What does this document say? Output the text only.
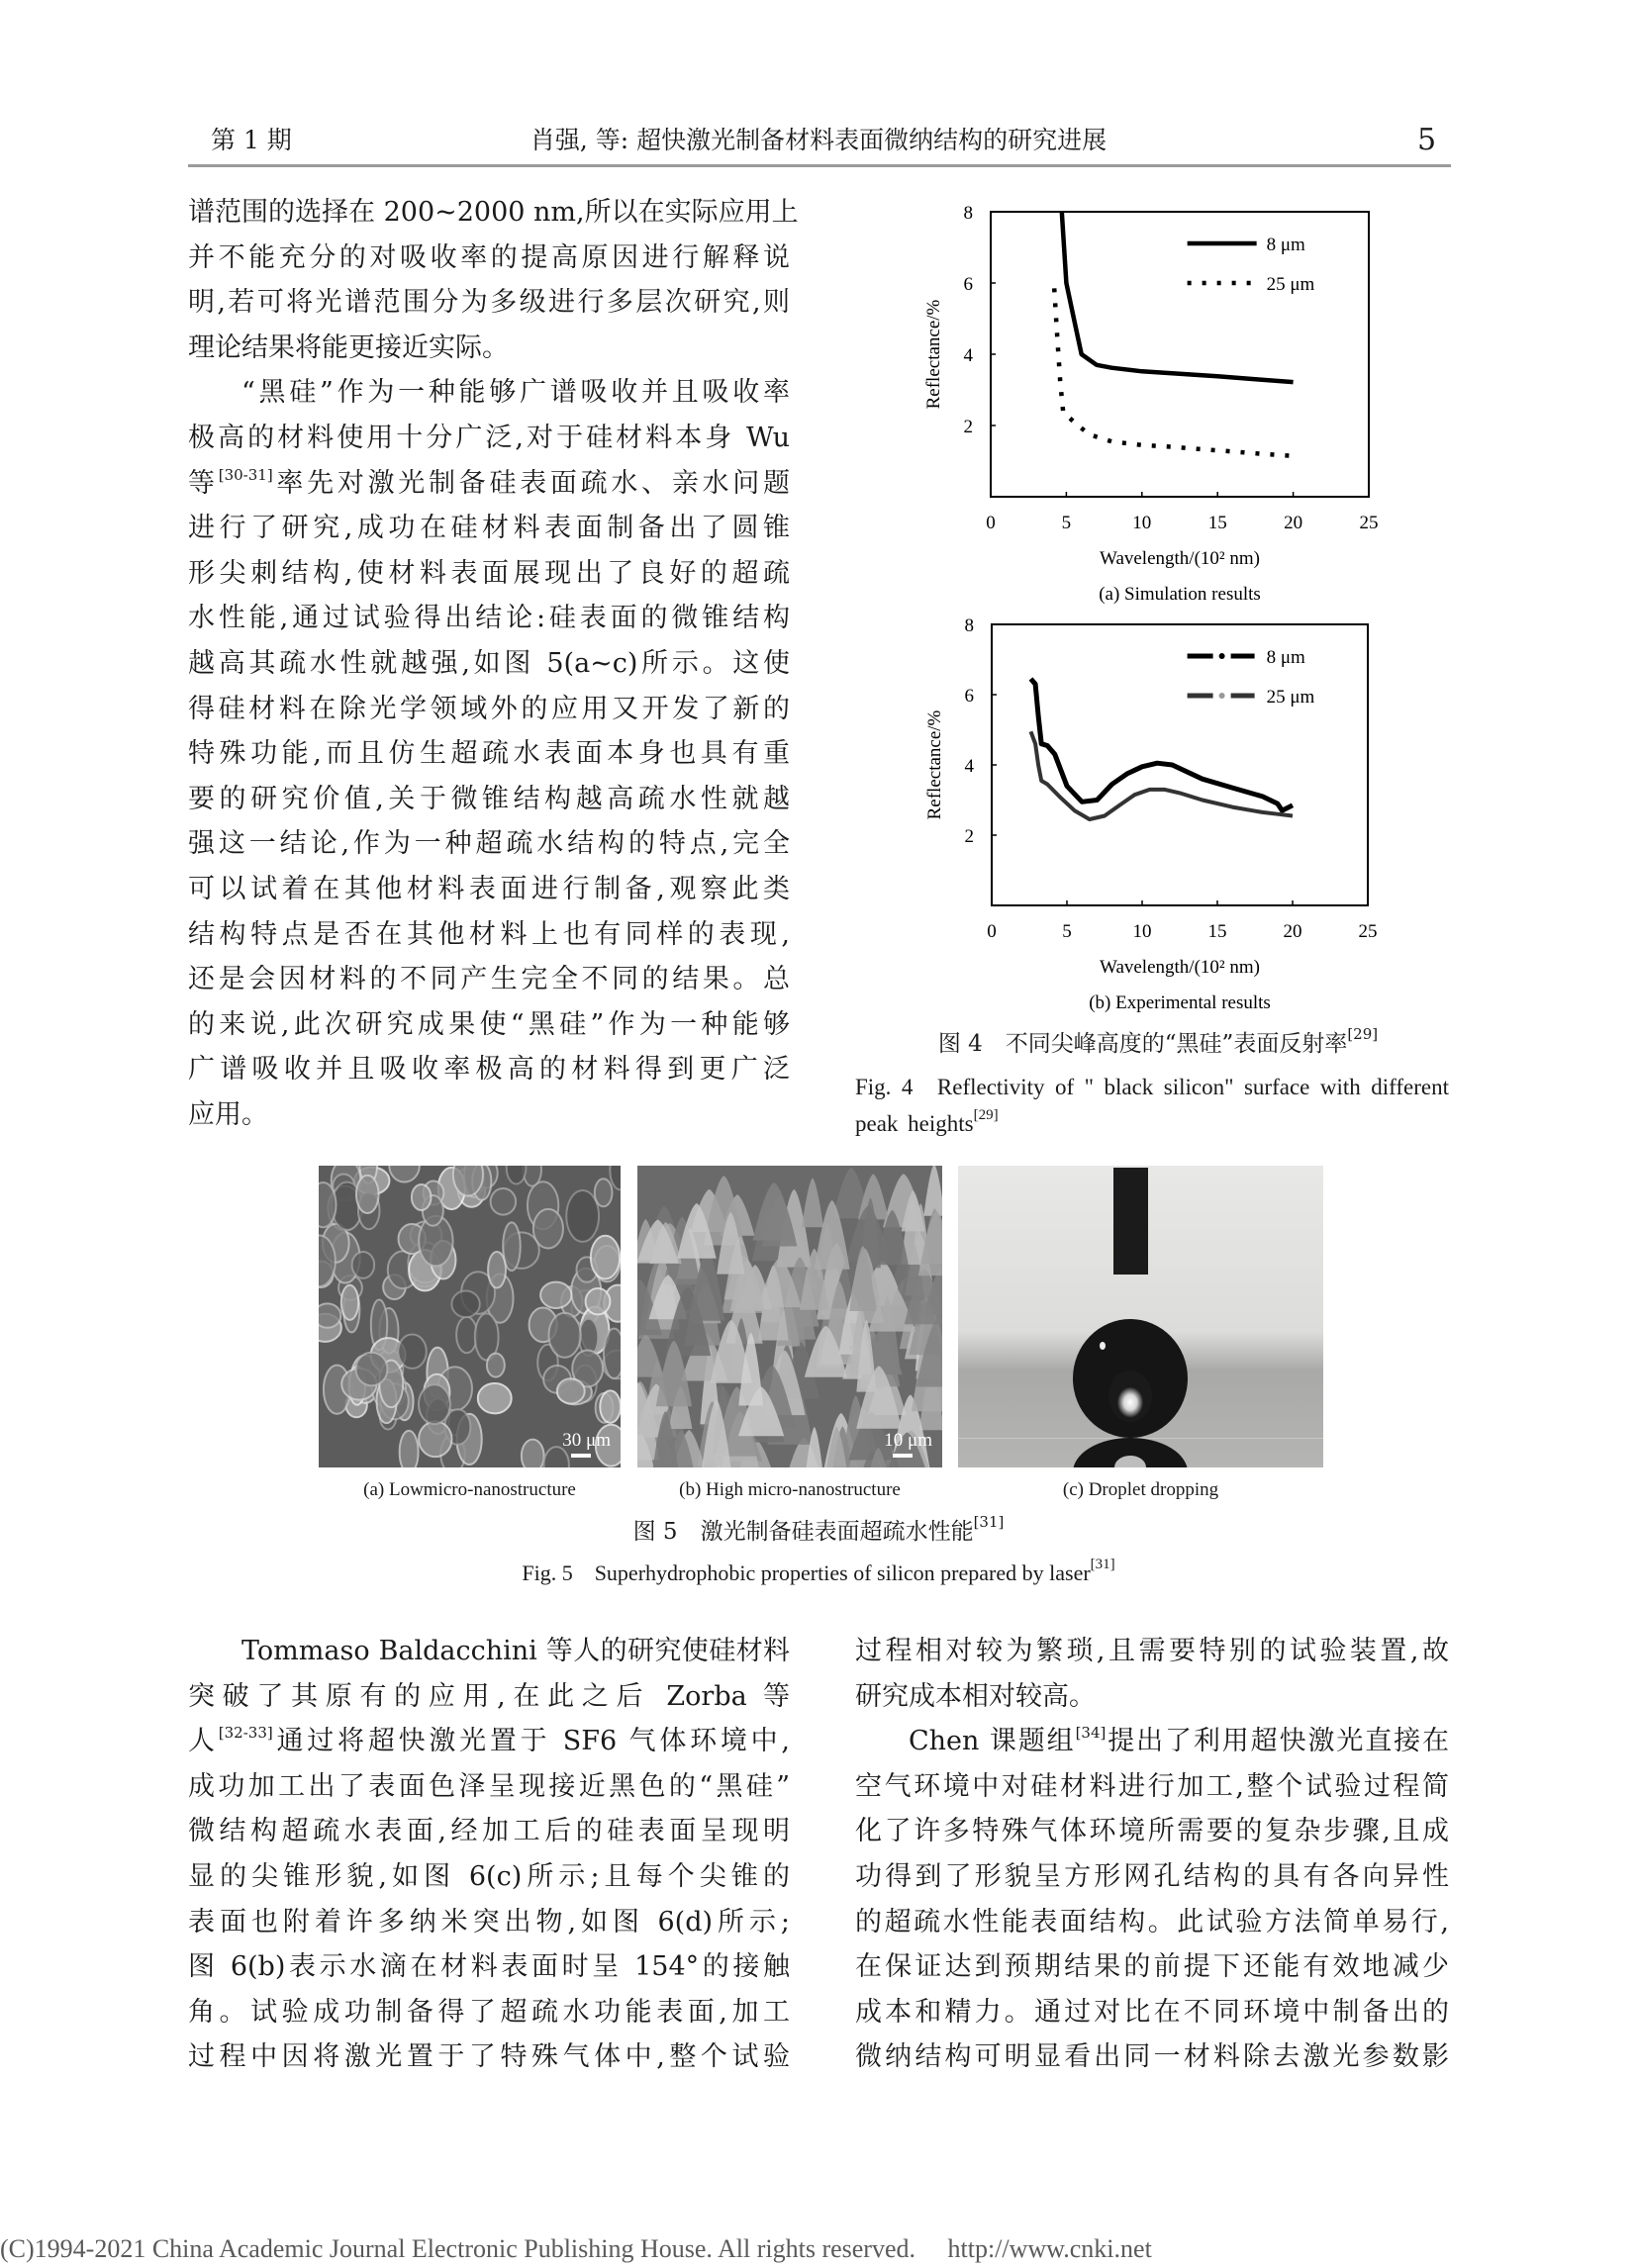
第 1 期	肖强, 等: 超快激光制备材料表面微纳结构的研究进展	5
谱范围的选择在 200~2000 nm,所以在实际应用上
并不能充分的对吸收率的提高原因进行解释说
明,若可将光谱范围分为多级进行多层次研究,则
理论结果将能更接近实际。
“黑硅”作为一种能够广谱吸收并且吸收率
极高的材料使用十分广泛,对于硅材料本身 Wu
等[30-31]率先对激光制备硅表面疏水、亲水问题
进行了研究,成功在硅材料表面制备出了圆锥
形尖刺结构,使材料表面展现出了良好的超疏
水性能,通过试验得出结论:硅表面的微锥结构
越高其疏水性就越强,如图 5(a~c)所示。这使
得硅材料在除光学领域外的应用又开发了新的
特殊功能,而且仿生超疏水表面本身也具有重
要的研究价值,关于微锥结构越高疏水性就越
强这一结论,作为一种超疏水结构的特点,完全
可以试着在其他材料表面进行制备,观察此类
结构特点是否在其他材料上也有同样的表现,
还是会因材料的不同产生完全不同的结果。总
的来说,此次研究成果使“黑硅”作为一种能够
广谱吸收并且吸收率极高的材料得到更广泛
应用。
Tommaso Baldacchini 等人的研究使硅材料
突破了其原有的应用,在此之后 Zorba 等
人[32-33]通过将超快激光置于 SF6 气体环境中,
成功加工出了表面色泽呈现接近黑色的“黑硅”
微结构超疏水表面,经加工后的硅表面呈现明
显的尖锥形貌,如图 6(c)所示;且每个尖锥的
表面也附着许多纳米突出物,如图 6(d)所示;
图 6(b)表示水滴在材料表面时呈 154°的接触
角。试验成功制备得了超疏水功能表面,加工
过程中因将激光置于了特殊气体中,整个试验
过程相对较为繁琐,且需要特别的试验装置,故
研究成本相对较高。
Chen 课题组[34]提出了利用超快激光直接在
空气环境中对硅材料进行加工,整个试验过程简
化了许多特殊气体环境所需要的复杂步骤,且成
功得到了形貌呈方形网孔结构的具有各向异性
的超疏水性能表面结构。此试验方法简单易行,
在保证达到预期结果的前提下还能有效地减少
成本和精力。通过对比在不同环境中制备出的
微纳结构可明显看出同一材料除去激光参数影
0	5	10	15	20	25
2
4
6
8
Wavelength/(10² nm)
(a) Simulation results
Reflectance/%
8 μm
25 μm
0	5	10	15	20	25
2
4
6
8
Wavelength/(10² nm)
(b) Experimental results
Reflectance/%
8 μm
25 μm
图 4　不同尖峰高度的“黑硅”表面反射率[29]
Fig. 4　Reflectivity of " black silicon" surface with different
peak heights[29]
30 μm	10 μm
(a) Lowmicro-nanostructure	(b) High micro-nanostructure	(c) Droplet dropping
图 5　激光制备硅表面超疏水性能[31]
Fig. 5　Superhydrophobic properties of silicon prepared by laser[31]
(C)1994-2021 China Academic Journal Electronic Publishing House. All rights reserved. http://www.cnki.net
